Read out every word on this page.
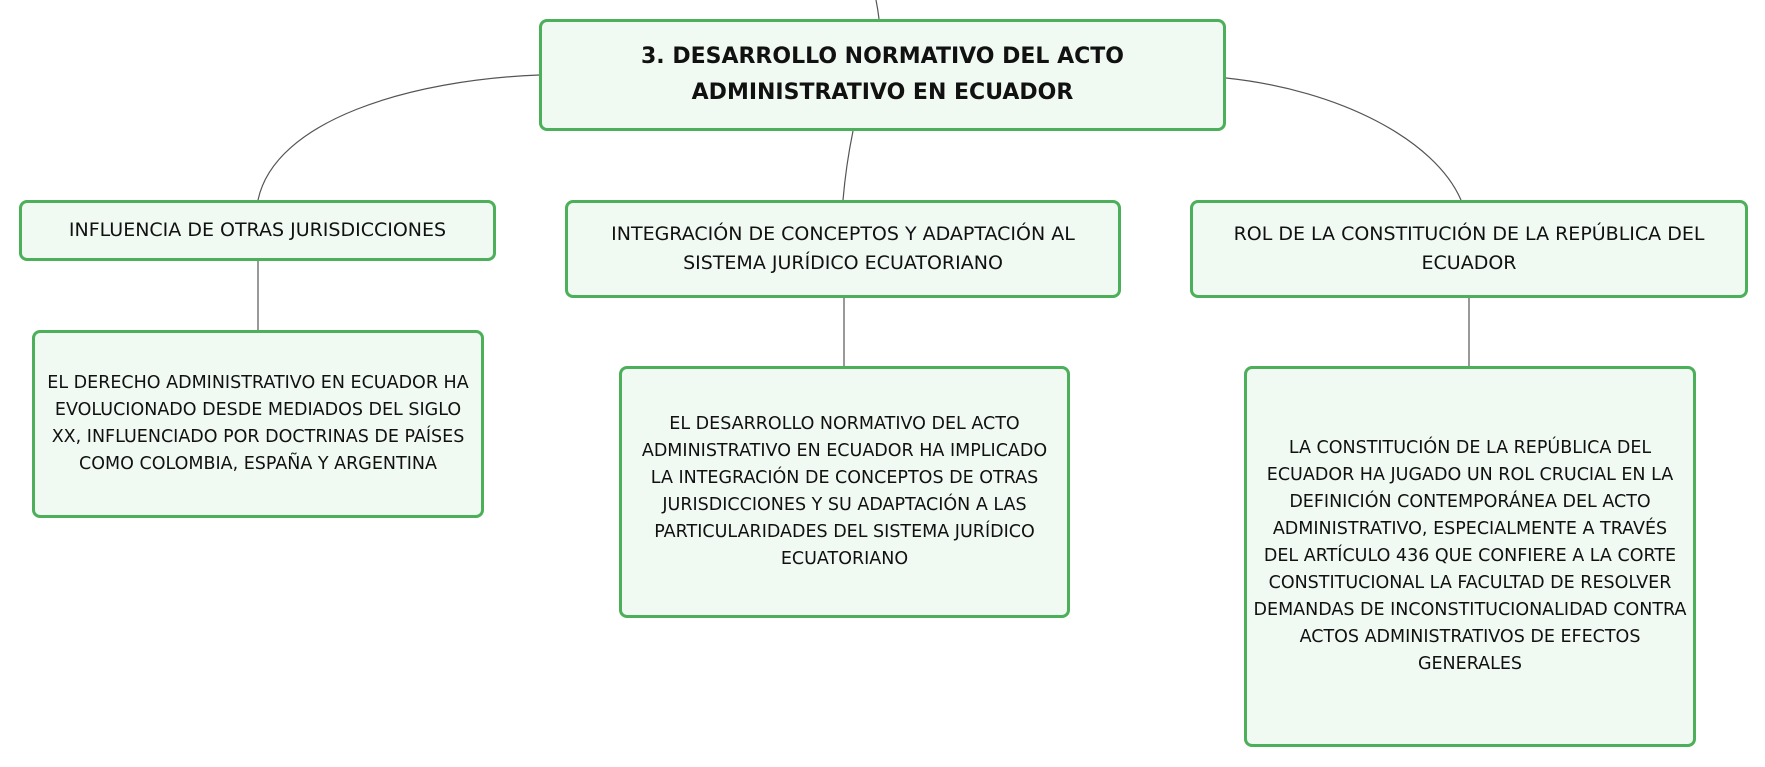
3. DESARROLLO NORMATIVO DEL ACTO ADMINISTRATIVO EN ECUADOR
INFLUENCIA DE OTRAS JURISDICCIONES	INTEGRACIÓN DE CONCEPTOS Y ADAPTACIÓN AL SISTEMA JURÍDICO ECUATORIANO
ROL DE LA CONSTITUCIÓN DE LA REPÚBLICA DEL ECUADOR
EL DERECHO ADMINISTRATIVO EN ECUADOR HA EVOLUCIONADO DESDE MEDIADOS DEL SIGLO XX, INFLUENCIADO POR DOCTRINAS DE PAÍSES COMO COLOMBIA, ESPAÑA Y ARGENTINA
EL DESARROLLO NORMATIVO DEL ACTO ADMINISTRATIVO EN ECUADOR HA IMPLICADO LA INTEGRACIÓN DE CONCEPTOS DE OTRAS JURISDICCIONES Y SU ADAPTACIÓN A LAS PARTICULARIDADES DEL SISTEMA JURÍDICO ECUATORIANO
LA CONSTITUCIÓN DE LA REPÚBLICA DEL ECUADOR HA JUGADO UN ROL CRUCIAL EN LA DEFINICIÓN CONTEMPORÁNEA DEL ACTO ADMINISTRATIVO, ESPECIALMENTE A TRAVÉS DEL ARTÍCULO 436 QUE CONFIERE A LA CORTE CONSTITUCIONAL LA FACULTAD DE RESOLVER DEMANDAS DE INCONSTITUCIONALIDAD CONTRA ACTOS ADMINISTRATIVOS DE EFECTOS GENERALES
